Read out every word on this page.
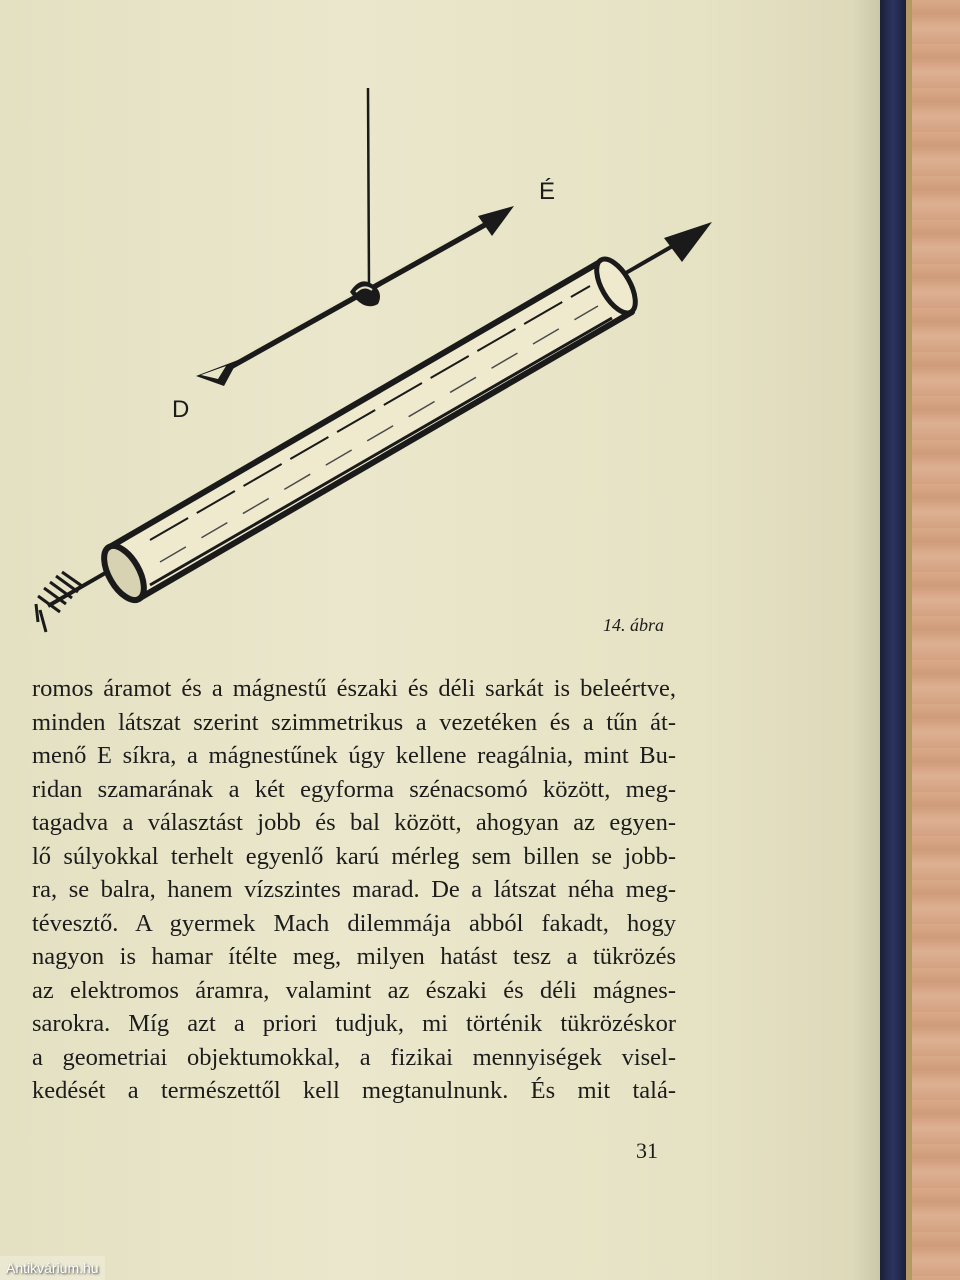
É

D

14. ábra

romos áramot és a mágnestű északi és déli sarkát is beleértve,
minden látszat szerint szimmetrikus a vezetéken és a tűn át-
menő E síkra, a mágnestűnek úgy kellene reagálnia, mint Bu-
ridan szamarának a két egyforma szénacsomó között, meg-
tagadva a választást jobb és bal között, ahogyan az egyen-
lő súlyokkal terhelt egyenlő karú mérleg sem billen se jobb-
ra, se balra, hanem vízszintes marad. De a látszat néha meg-
tévesztő. A gyermek Mach dilemmája abból fakadt, hogy
nagyon is hamar ítélte meg, milyen hatást tesz a tükrözés
az elektromos áramra, valamint az északi és déli mágnes-
sarokra. Míg azt a priori tudjuk, mi történik tükrözéskor
a geometriai objektumokkal, a fizikai mennyiségek visel-
kedését a természettől kell megtanulnunk. És mit talá-

31

Antikvárium.hu
